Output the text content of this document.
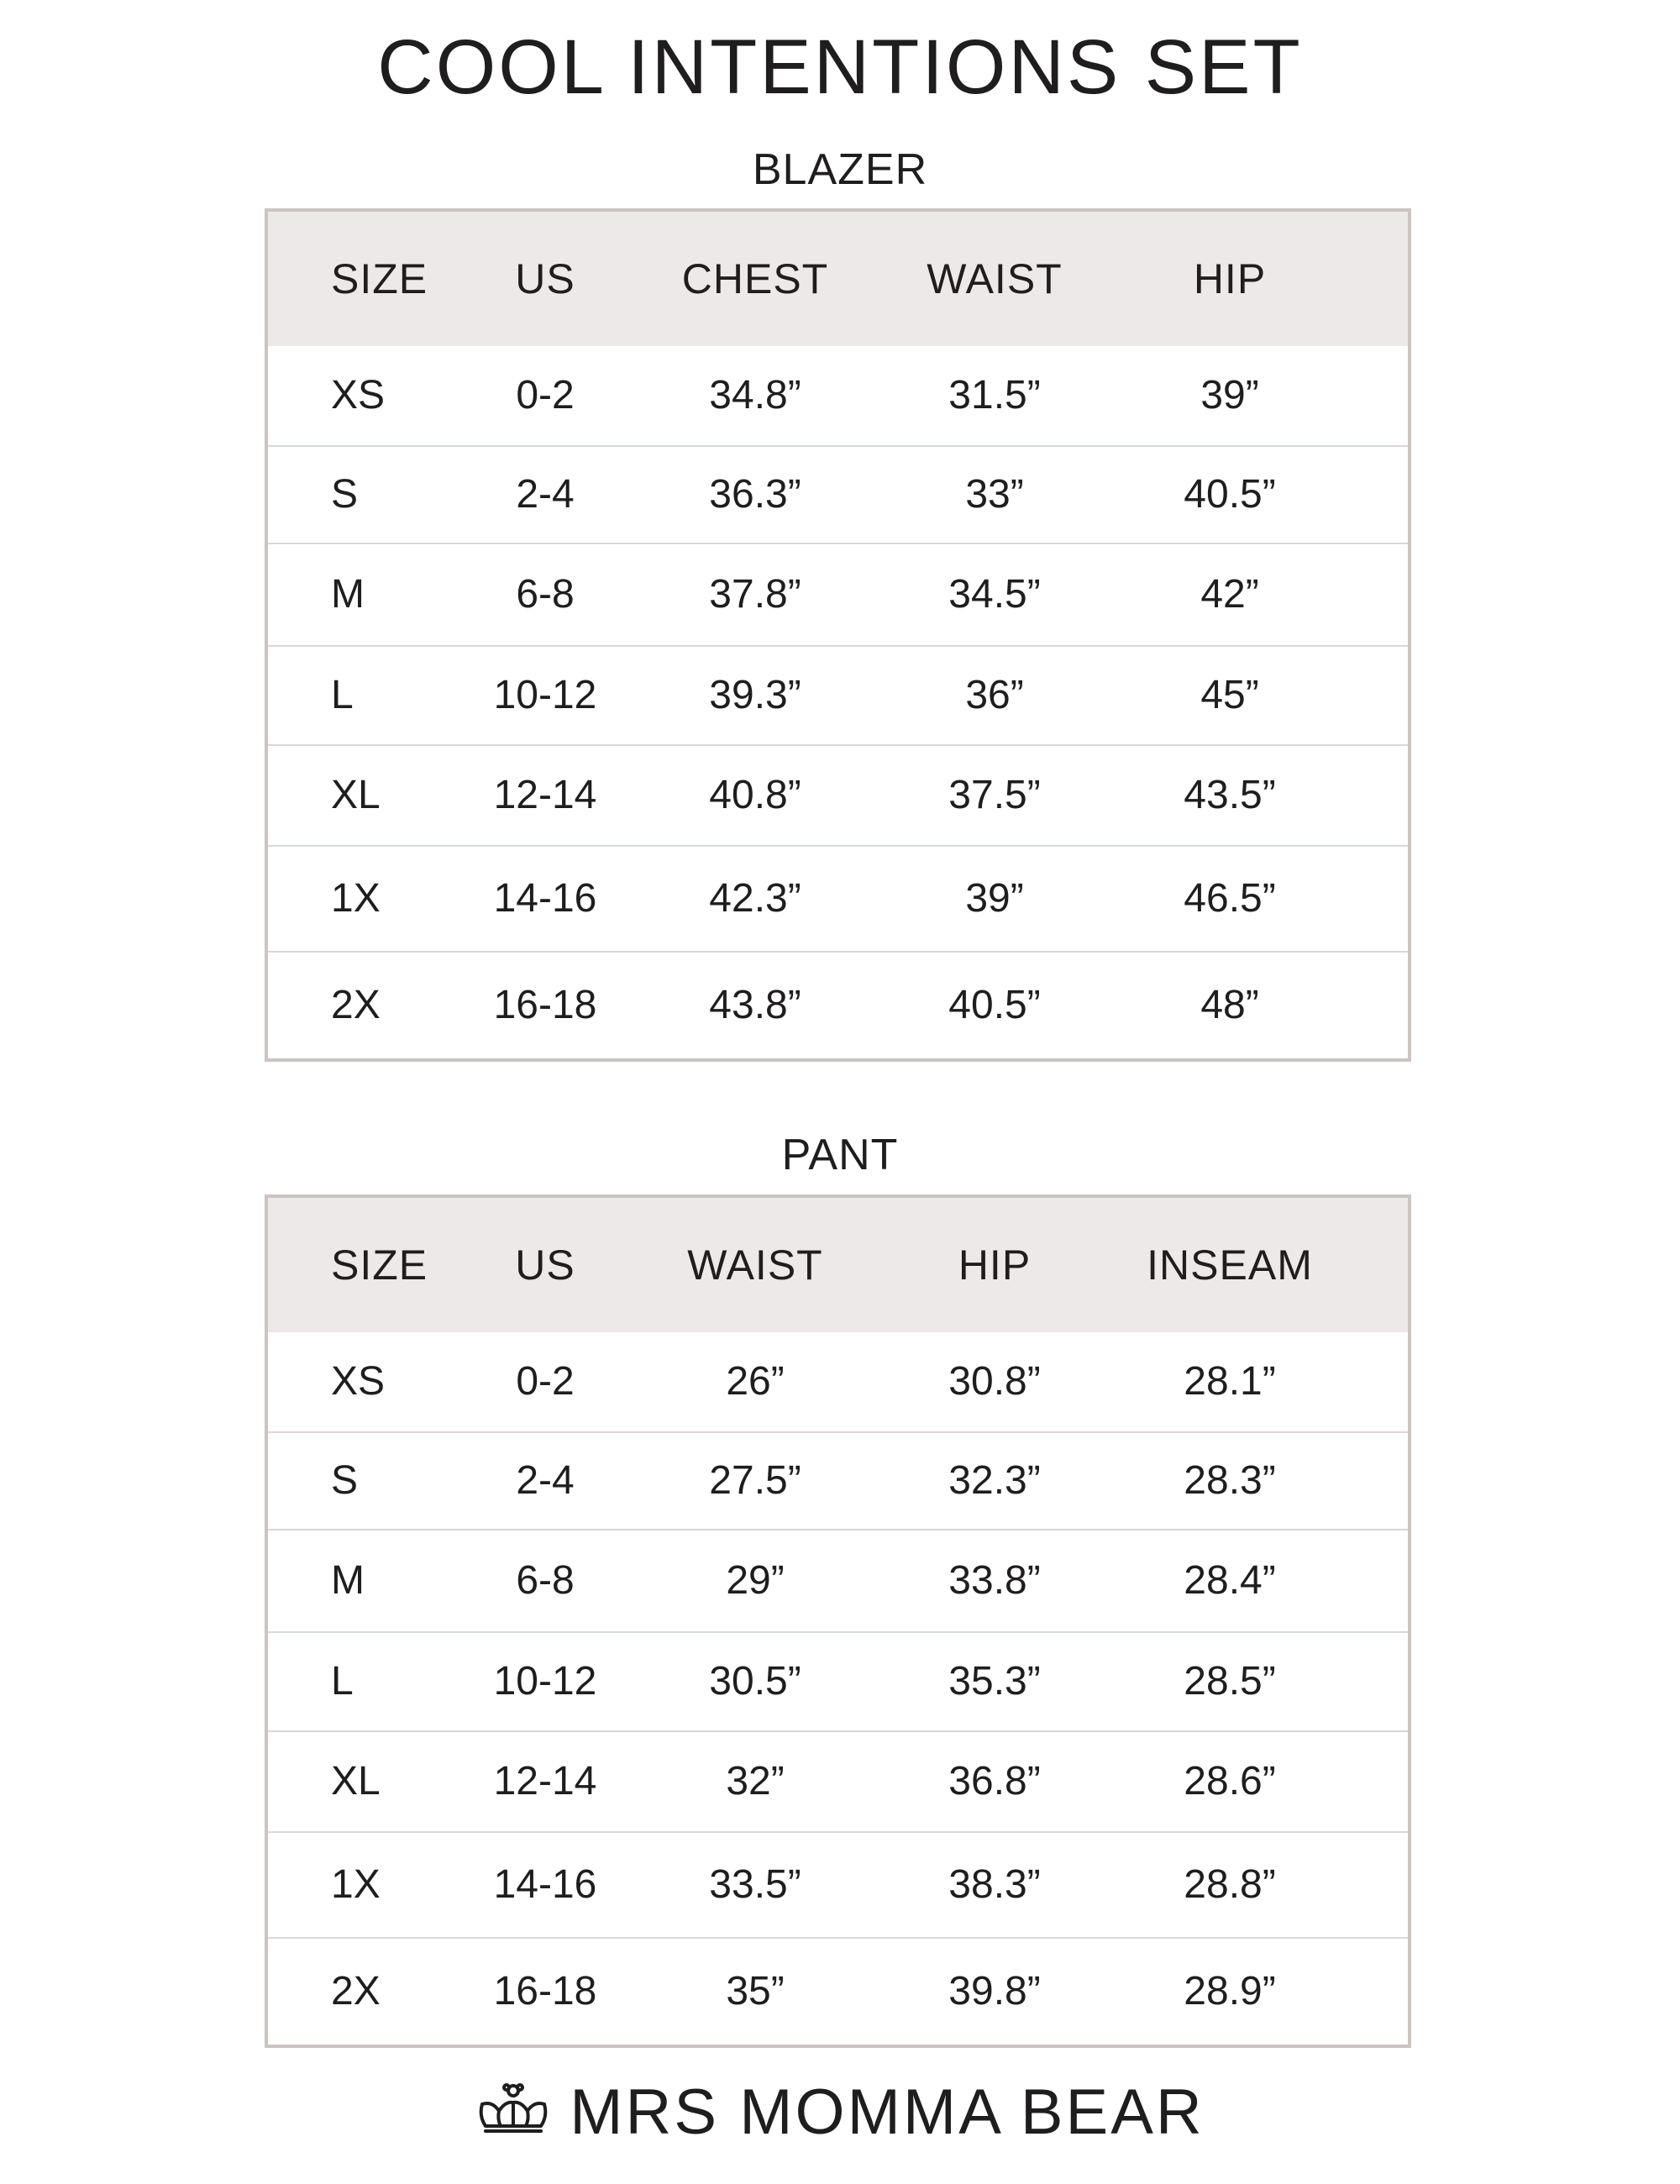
COOL INTENTIONS SET
BLAZER
SIZE	US	CHEST	WAIST	HIP
XS	0-2	34.8”	31.5”	39”
S	2-4	36.3”	33”	40.5”
M	6-8	37.8”	34.5”	42”
L	10-12	39.3”	36”	45”
XL	12-14	40.8”	37.5”	43.5”
1X	14-16	42.3”	39”	46.5”
2X	16-18	43.8”	40.5”	48”
PANT
SIZE	US	WAIST	HIP	INSEAM
XS	0-2	26”	30.8”	28.1”
S	2-4	27.5”	32.3”	28.3”
M	6-8	29”	33.8”	28.4”
L	10-12	30.5”	35.3”	28.5”
XL	12-14	32”	36.8”	28.6”
1X	14-16	33.5”	38.3”	28.8”
2X	16-18	35”	39.8”	28.9”
MRS MOMMA BEAR
